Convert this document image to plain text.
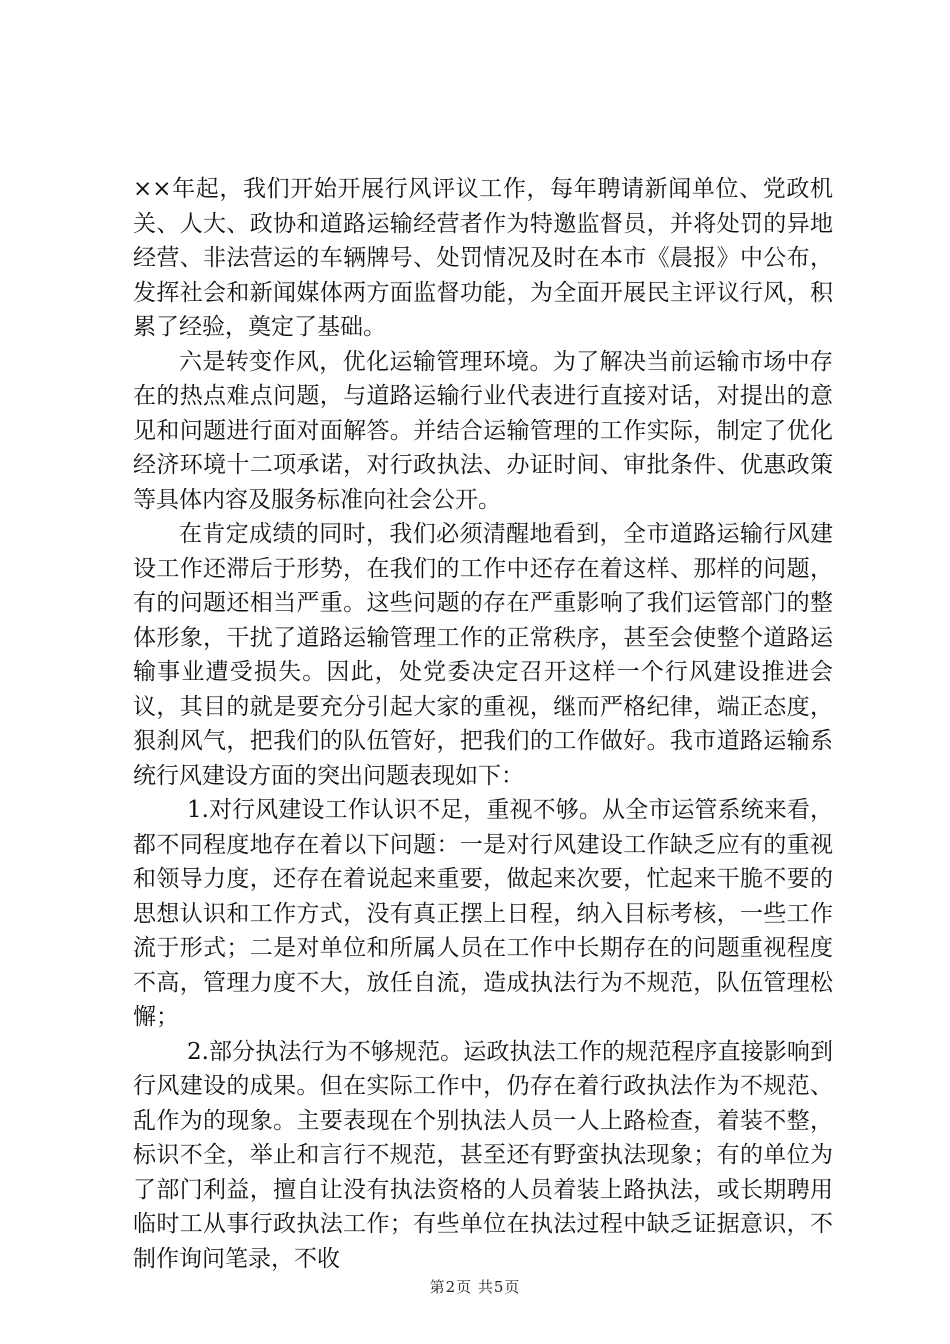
××年起，我们开始开展行风评议工作，每年聘请新闻单位、党政机关、人大、政协和道路运输经营者作为特邀监督员，并将处罚的异地经营、非法营运的车辆牌号、处罚情况及时在本市《晨报》中公布，发挥社会和新闻媒体两方面监督功能，为全面开展民主评议行风，积累了经验，奠定了基础。

六是转变作风，优化运输管理环境。为了解决当前运输市场中存在的热点难点问题，与道路运输行业代表进行直接对话，对提出的意见和问题进行面对面解答。并结合运输管理的工作实际，制定了优化经济环境十二项承诺，对行政执法、办证时间、审批条件、优惠政策等具体内容及服务标准向社会公开。

在肯定成绩的同时，我们必须清醒地看到，全市道路运输行风建设工作还滞后于形势，在我们的工作中还存在着这样、那样的问题，有的问题还相当严重。这些问题的存在严重影响了我们运管部门的整体形象，干扰了道路运输管理工作的正常秩序，甚至会使整个道路运输事业遭受损失。因此，处党委决定召开这样一个行风建设推进会议，其目的就是要充分引起大家的重视，继而严格纪律，端正态度，狠刹风气，把我们的队伍管好，把我们的工作做好。我市道路运输系统行风建设方面的突出问题表现如下：

1.对行风建设工作认识不足，重视不够。从全市运管系统来看，都不同程度地存在着以下问题：一是对行风建设工作缺乏应有的重视和领导力度，还存在着说起来重要，做起来次要，忙起来干脆不要的思想认识和工作方式，没有真正摆上日程，纳入目标考核，一些工作流于形式；二是对单位和所属人员在工作中长期存在的问题重视程度不高，管理力度不大，放任自流，造成执法行为不规范，队伍管理松懈；

2.部分执法行为不够规范。运政执法工作的规范程序直接影响到行风建设的成果。但在实际工作中，仍存在着行政执法作为不规范、乱作为的现象。主要表现在个别执法人员一人上路检查，着装不整，标识不全，举止和言行不规范，甚至还有野蛮执法现象；有的单位为了部门利益，擅自让没有执法资格的人员着装上路执法，或长期聘用临时工从事行政执法工作；有些单位在执法过程中缺乏证据意识，不制作询问笔录，不收

第2页 共5页
